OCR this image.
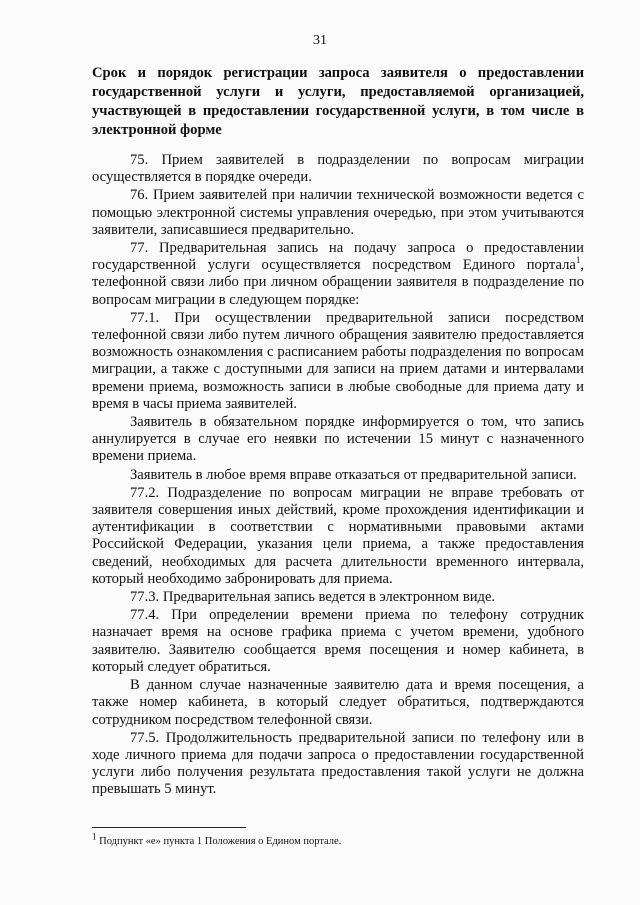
31
Срок и порядок регистрации запроса заявителя о предоставлении государственной услуги и услуги, предоставляемой организацией, участвующей в предоставлении государственной услуги, в том числе в электронной форме

75. Прием заявителей в подразделении по вопросам миграции осуществляется в порядке очереди.

76. Прием заявителей при наличии технической возможности ведется с помощью электронной системы управления очередью, при этом учитываются заявители, записавшиеся предварительно.

77. Предварительная запись на подачу запроса о предоставлении государственной услуги осуществляется посредством Единого портала$^1$, телефонной связи либо при личном обращении заявителя в подразделение по вопросам миграции в следующем порядке:

77.1. При осуществлении предварительной записи посредством телефонной связи либо путем личного обращения заявителю предоставляется возможность ознакомления с расписанием работы подразделения по вопросам миграции, а также с доступными для записи на прием датами и интервалами времени приема, возможность записи в любые свободные для приема дату и время в часы приема заявителей.

Заявитель в обязательном порядке информируется о том, что запись аннулируется в случае его неявки по истечении 15 минут с назначенного времени приема.

Заявитель в любое время вправе отказаться от предварительной записи.

77.2. Подразделение по вопросам миграции не вправе требовать от заявителя совершения иных действий, кроме прохождения идентификации и аутентификации в соответствии с нормативными правовыми актами Российской Федерации, указания цели приема, а также предоставления сведений, необходимых для расчета длительности временного интервала, который необходимо забронировать для приема.

77.3. Предварительная запись ведется в электронном виде.

77.4. При определении времени приема по телефону сотрудник назначает время на основе графика приема с учетом времени, удобного заявителю. Заявителю сообщается время посещения и номер кабинета, в который следует обратиться.

В данном случае назначенные заявителю дата и время посещения, а также номер кабинета, в который следует обратиться, подтверждаются сотрудником посредством телефонной связи.

77.5. Продолжительность предварительной записи по телефону или в ходе личного приема для подачи запроса о предоставлении государственной услуги либо получения результата предоставления такой услуги не должна превышать 5 минут.

$^1$ Подпункт «е» пункта 1 Положения о Едином портале.
